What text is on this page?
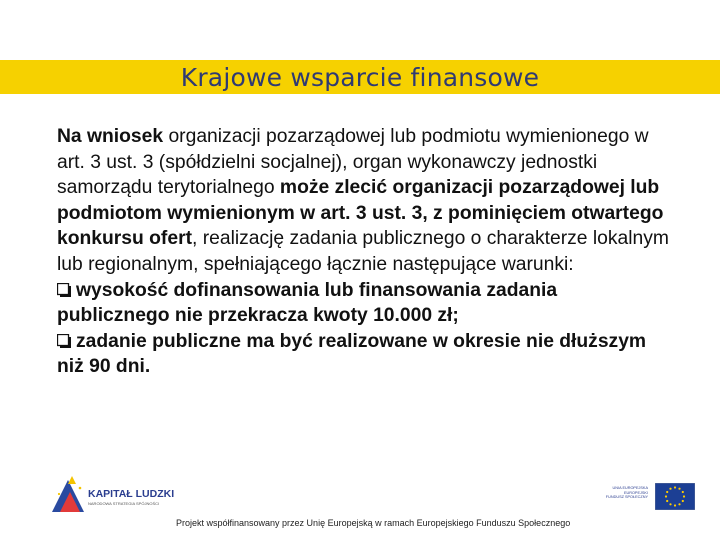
Krajowe wsparcie finansowe

Na wniosek organizacji pozarządowej lub podmiotu wymienionego w art. 3 ust. 3 (spółdzielni socjalnej), organ wykonawczy jednostki samorządu terytorialnego może zlecić organizacji pozarządowej lub podmiotom wymienionym w art. 3 ust. 3, z pominięciem otwartego konkursu ofert, realizację zadania publicznego o charakterze lokalnym lub regionalnym, spełniającego łącznie następujące warunki:

wysokość dofinansowania lub finansowania zadania publicznego nie przekracza kwoty 10.000 zł;

zadanie publiczne ma być realizowane w okresie nie dłuższym niż 90 dni.

KAPITAŁ LUDZKI
NARODOWA STRATEGIA SPÓJNOŚCI
Projekt współfinansowany przez Unię Europejską w ramach Europejskiego Funduszu Społecznego
UNIA EUROPEJSKA
EUROPEJSKI
FUNDUSZ SPOŁECZNY
